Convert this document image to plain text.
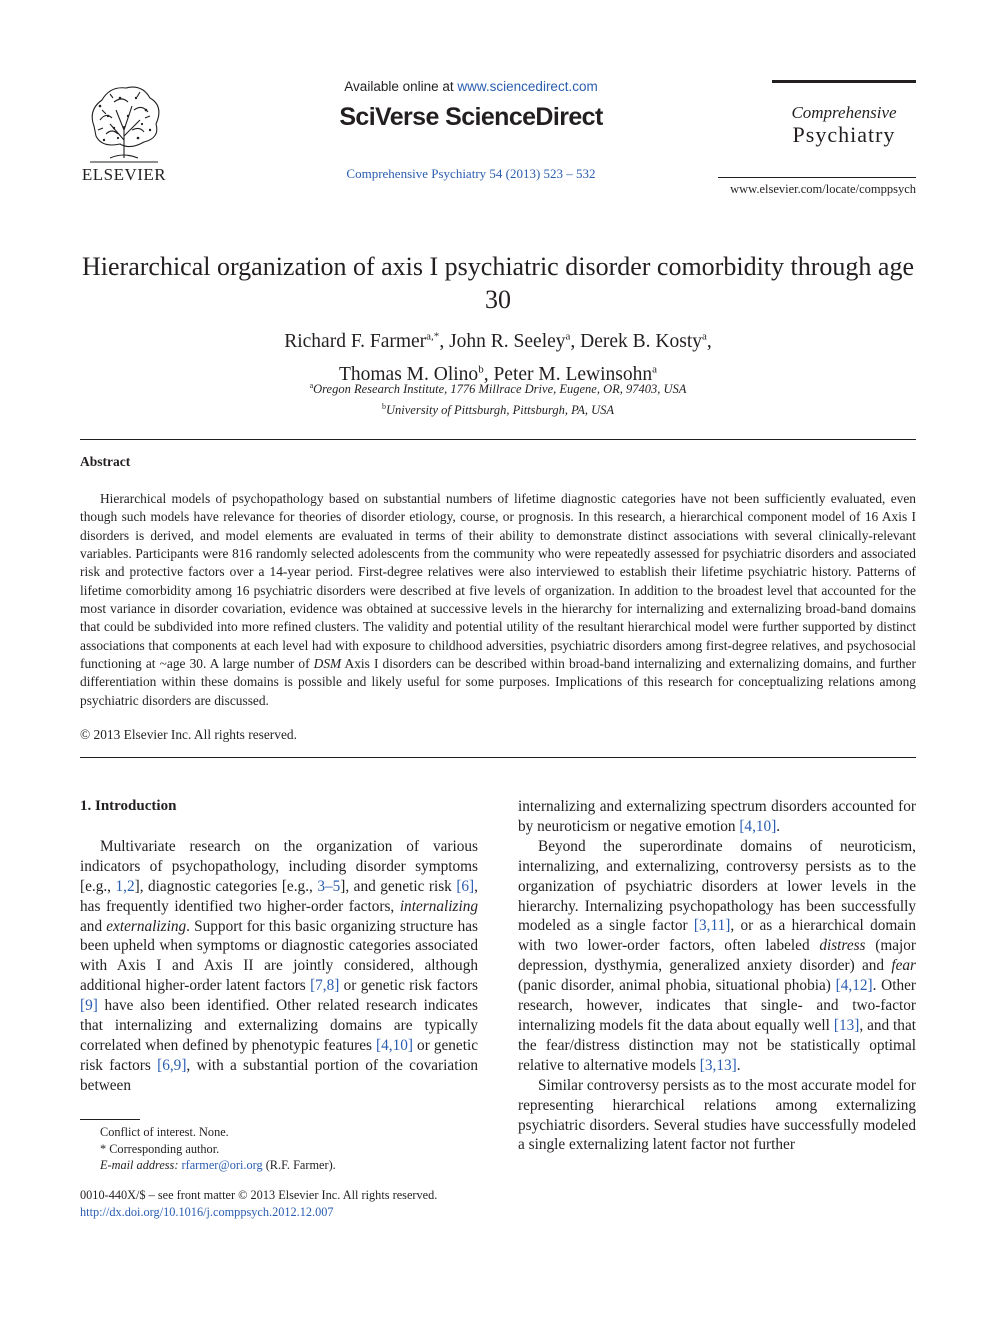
ELSEVIER
Available online at www.sciencedirect.com
SciVerse ScienceDirect
Comprehensive Psychiatry 54 (2013) 523 – 532
Comprehensive
Psychiatry
www.elsevier.com/locate/comppsych
Hierarchical organization of axis I psychiatric disorder comorbidity through age 30
Richard F. Farmer$^{a,*}$, John R. Seeley$^a$, Derek B. Kosty$^a$,
Thomas M. Olino$^b$, Peter M. Lewinsohn$^a$
$^a$Oregon Research Institute, 1776 Millrace Drive, Eugene, OR, 97403, USA
$^b$University of Pittsburgh, Pittsburgh, PA, USA
Abstract

Hierarchical models of psychopathology based on substantial numbers of lifetime diagnostic categories have not been sufficiently evaluated, even though such models have relevance for theories of disorder etiology, course, or prognosis. In this research, a hierarchical component model of 16 Axis I disorders is derived, and model elements are evaluated in terms of their ability to demonstrate distinct associations with several clinically-relevant variables. Participants were 816 randomly selected adolescents from the community who were repeatedly assessed for psychiatric disorders and associated risk and protective factors over a 14-year period. First-degree relatives were also interviewed to establish their lifetime psychiatric history. Patterns of lifetime comorbidity among 16 psychiatric disorders were described at five levels of organization. In addition to the broadest level that accounted for the most variance in disorder covariation, evidence was obtained at successive levels in the hierarchy for internalizing and externalizing broad-band domains that could be subdivided into more refined clusters. The validity and potential utility of the resultant hierarchical model were further supported by distinct associations that components at each level had with exposure to childhood adversities, psychiatric disorders among first-degree relatives, and psychosocial functioning at ~age 30. A large number of DSM Axis I disorders can be described within broad-band internalizing and externalizing domains, and further differentiation within these domains is possible and likely useful for some purposes. Implications of this research for conceptualizing relations among psychiatric disorders are discussed.

© 2013 Elsevier Inc. All rights reserved.
1. Introduction

Multivariate research on the organization of various indicators of psychopathology, including disorder symptoms [e.g., 1,2], diagnostic categories [e.g., 3–5], and genetic risk [6], has frequently identified two higher-order factors, internalizing and externalizing. Support for this basic organizing structure has been upheld when symptoms or diagnostic categories associated with Axis I and Axis II are jointly considered, although additional higher-order latent factors [7,8] or genetic risk factors [9] have also been identified. Other related research indicates that internalizing and externalizing domains are typically correlated when defined by phenotypic features [4,10] or genetic risk factors [6,9], with a substantial portion of the covariation between

internalizing and externalizing spectrum disorders accounted for by neuroticism or negative emotion [4,10].

Beyond the superordinate domains of neuroticism, internalizing, and externalizing, controversy persists as to the organization of psychiatric disorders at lower levels in the hierarchy. Internalizing psychopathology has been successfully modeled as a single factor [3,11], or as a hierarchical domain with two lower-order factors, often labeled distress (major depression, dysthymia, generalized anxiety disorder) and fear (panic disorder, animal phobia, situational phobia) [4,12]. Other research, however, indicates that single- and two-factor internalizing models fit the data about equally well [13], and that the fear/distress distinction may not be statistically optimal relative to alternative models [3,13].

Similar controversy persists as to the most accurate model for representing hierarchical relations among externalizing psychiatric disorders. Several studies have successfully modeled a single externalizing latent factor not further

Conflict of interest. None.
* Corresponding author.
E-mail address: rfarmer@ori.org (R.F. Farmer).
0010-440X/$ – see front matter © 2013 Elsevier Inc. All rights reserved.
http://dx.doi.org/10.1016/j.comppsych.2012.12.007
